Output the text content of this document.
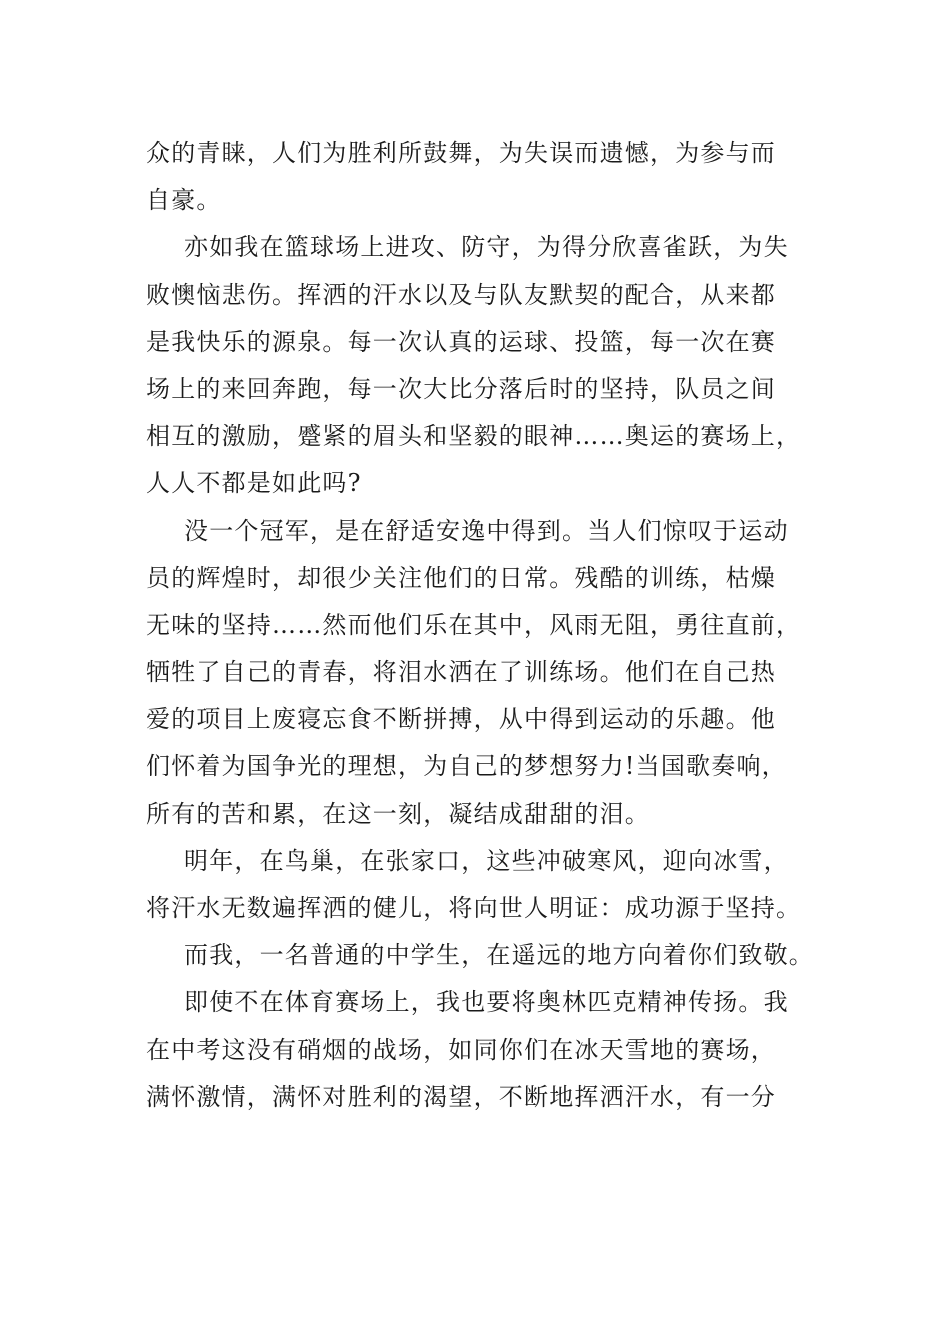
众的青睐，人们为胜利所鼓舞，为失误而遗憾，为参与而
自豪。
亦如我在篮球场上进攻、防守，为得分欣喜雀跃，为失
败懊恼悲伤。挥洒的汗水以及与队友默契的配合，从来都
是我快乐的源泉。每一次认真的运球、投篮，每一次在赛
场上的来回奔跑，每一次大比分落后时的坚持，队员之间
相互的激励，蹙紧的眉头和坚毅的眼神……奥运的赛场上，
人人不都是如此吗?
没一个冠军，是在舒适安逸中得到。当人们惊叹于运动
员的辉煌时，却很少关注他们的日常。残酷的训练，枯燥
无味的坚持……然而他们乐在其中，风雨无阻，勇往直前，
牺牲了自己的青春，将泪水洒在了训练场。他们在自己热
爱的项目上废寝忘食不断拼搏，从中得到运动的乐趣。他
们怀着为国争光的理想，为自己的梦想努力!当国歌奏响，
所有的苦和累，在这一刻，凝结成甜甜的泪。
明年，在鸟巢，在张家口，这些冲破寒风，迎向冰雪，
将汗水无数遍挥洒的健儿，将向世人明证：成功源于坚持。
而我，一名普通的中学生，在遥远的地方向着你们致敬。
即使不在体育赛场上，我也要将奥林匹克精神传扬。我
在中考这没有硝烟的战场，如同你们在冰天雪地的赛场，
满怀激情，满怀对胜利的渴望，不断地挥洒汗水，有一分
